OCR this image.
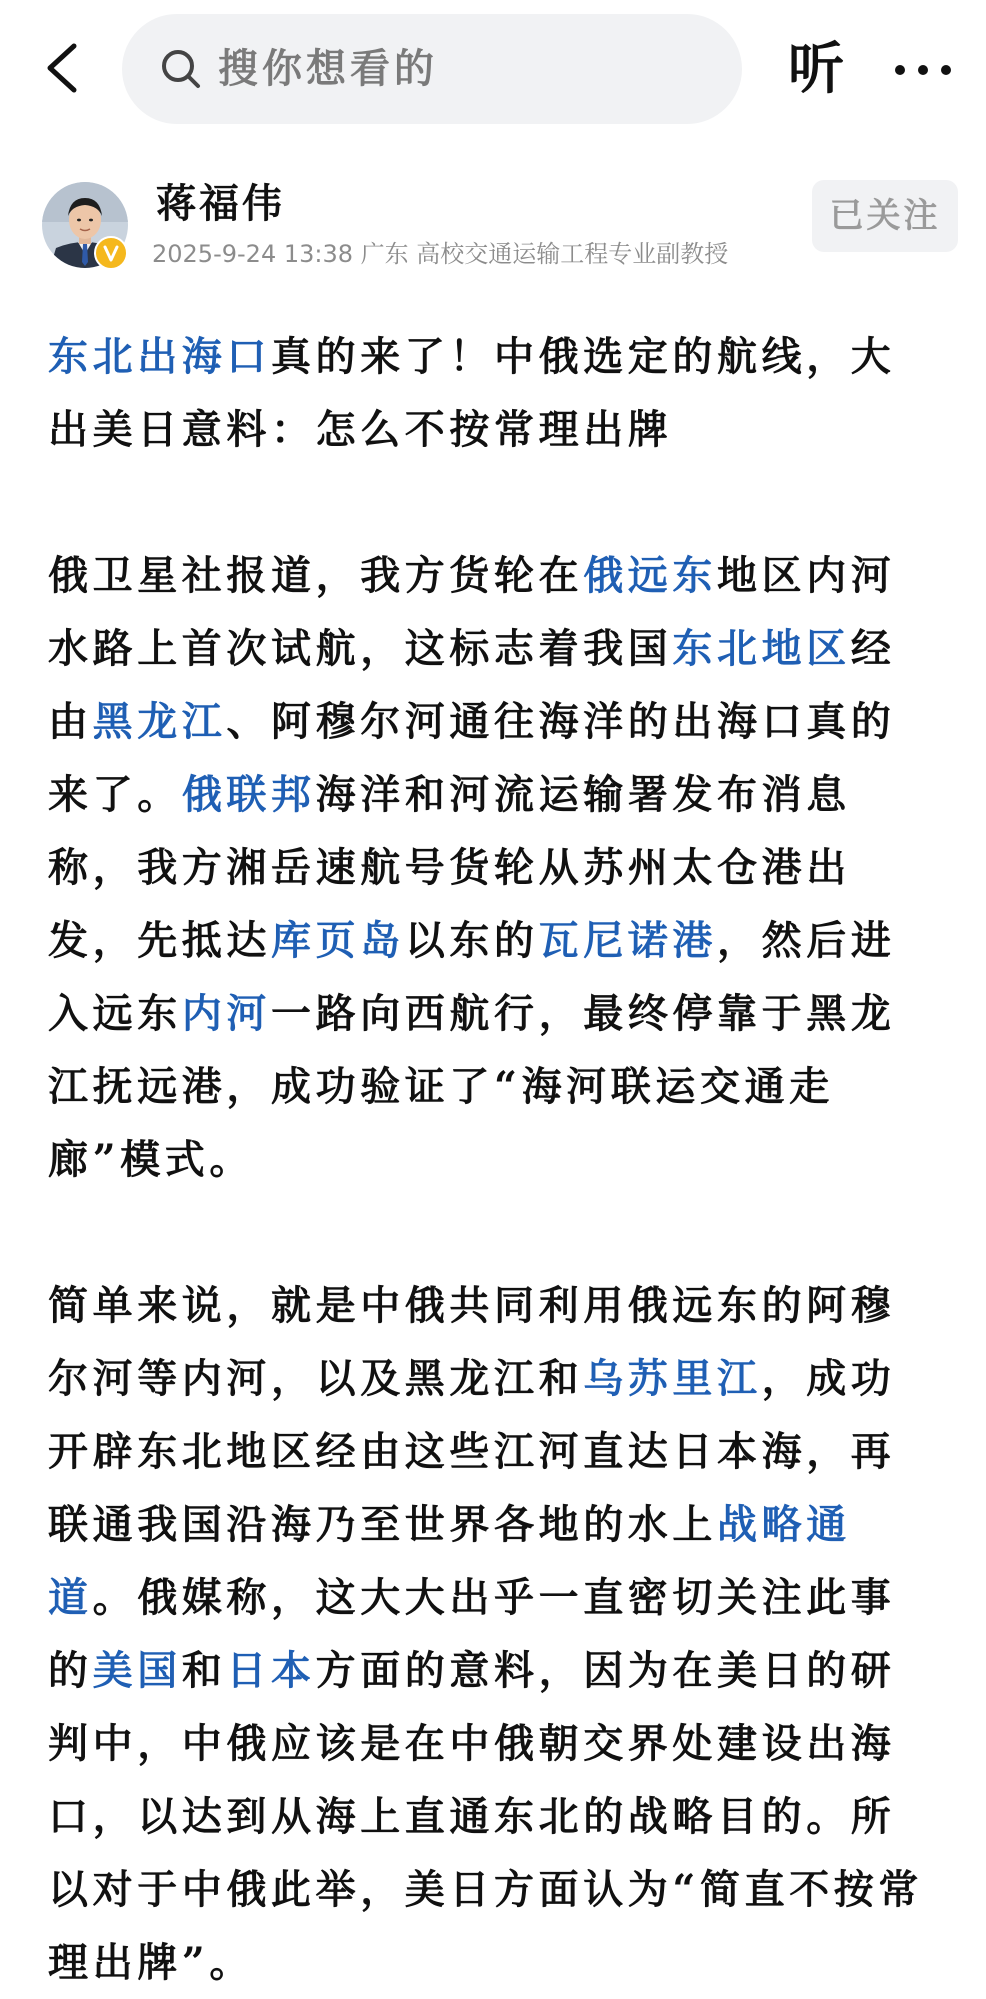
搜你想看的	听
蒋福伟
2025-9-24 13:38 广东 高校交通运输工程专业副教授
已关注

东北出海口真的来了！中俄选定的航线，大出美日意料：怎么不按常理出牌

俄卫星社报道，我方货轮在俄远东地区内河水路上首次试航，这标志着我国东北地区经由黑龙江、阿穆尔河通往海洋的出海口真的来了。俄联邦海洋和河流运输署发布消息称，我方湘岳速航号货轮从苏州太仓港出发，先抵达库页岛以东的瓦尼诺港，然后进入远东内河一路向西航行，最终停靠于黑龙江抚远港，成功验证了“海河联运交通走廊”模式。

简单来说，就是中俄共同利用俄远东的阿穆尔河等内河，以及黑龙江和乌苏里江，成功开辟东北地区经由这些江河直达日本海，再联通我国沿海乃至世界各地的水上战略通道。俄媒称，这大大出乎一直密切关注此事的美国和日本方面的意料，因为在美日的研判中，中俄应该是在中俄朝交界处建设出海口，以达到从海上直通东北的战略目的。所以对于中俄此举，美日方面认为“简直不按常理出牌”。
